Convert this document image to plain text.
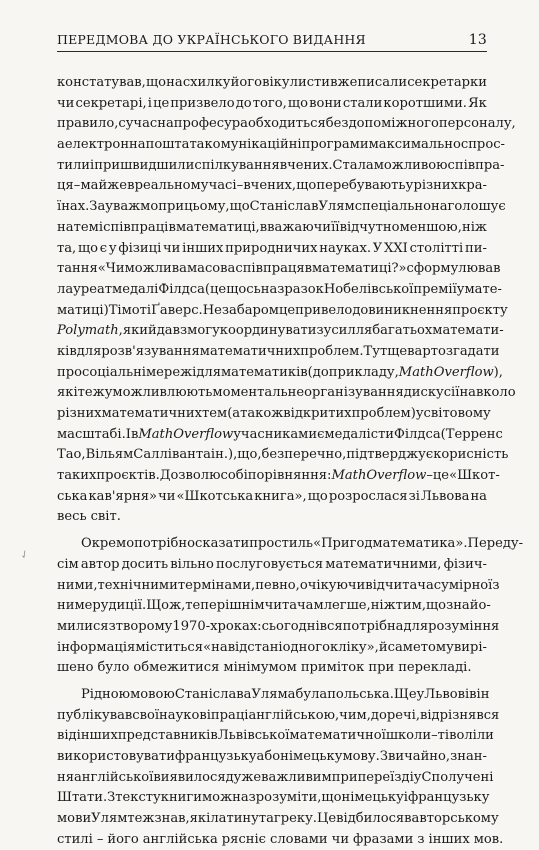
ПЕРЕДМОВА ДО УКРАЇНСЬКОГО ВИДАННЯ	13
констатував, що на схилку його віку листи вже писали секретарки
чи секретарі, і це призвело до того, що вони стали коротшими. Як
правило, сучасна професура обходиться без допоміжного персоналу,
а електронна пошта та комунікаційні програми максимально спрос-
тили і пришвидшили спілкування вчених. Стала можливою співпра-
ця – майже в реальному часі – вчених, що перебувають у різних кра-
їнах. Зауважмо при цьому, що Станіслав Улям спеціально наголошує
на темі співпраці в математиці, вважаючи її відчутно меншою, ніж
та, що є у фізиці чи інших природничих науках. У XXI столітті пи-
тання «Чи можлива масова співпраця в математиці?» сформулював
лауреат медалі Філдса (це щось на зразок Нобелівської премії у мате-
матиці) Тімоті Ґаверс. Незабаром це привело до виникнення проєкту
Polymath, який дав змогу координувати зусилля багатьох математи-
ків для розв'язування математичних проблем. Тут ще варто згадати
про соціальні мережі для математиків (до прикладу, MathOverflow),
які теж уможливлюють моментальне організування дискусії навколо
різних математичних тем (а також відкритих проблем) у світовому
масштабі. І в MathOverflow учасниками є медалісти Філдса (Терренс
Тао, Вільям Салліван та ін.), що, безперечно, підтверджує корисність
таких проєктів. Дозволю собі порівняння: MathOverflow – це «Шкот-
ська кав'ярня» чи «Шкотська книга», що розрослася зі Львова на
весь світ.
Окремо потрібно сказати про стиль «Пригод математика». Переду-
сім автор досить вільно послуговується математичними, фізич-
ними, технічними термінами, певно, очікуючи від читача сумірної з
ним ерудиції. Що ж, теперішнім читачам легше, ніж тим, що знайо-
милися з твором у 1970-х роках: сьогодні вся потрібна для розуміння
інформація міститься «на відстані одного кліку», й саме тому вирі-
шено було обмежитися мінімумом приміток при перекладі.
Рідною мовою Станіслава Уляма була польська. Ще у Львові він
публікував свої наукові праці англійською, чим, до речі, відрізнявся
від інших представників Львівської математичної школи – ті воліли
використовувати французьку або німецьку мову. Звичайно, знан-
ня англійської виявилося дуже важливим при переїзді у Сполучені
Штати. З тексту книги можна зрозуміти, що німецьку і французьку
мови Улям теж знав, як і латину та греку. Це відбилося в авторському
стилі – його англійська рясніє словами чи фразами з інших мов.
✓
